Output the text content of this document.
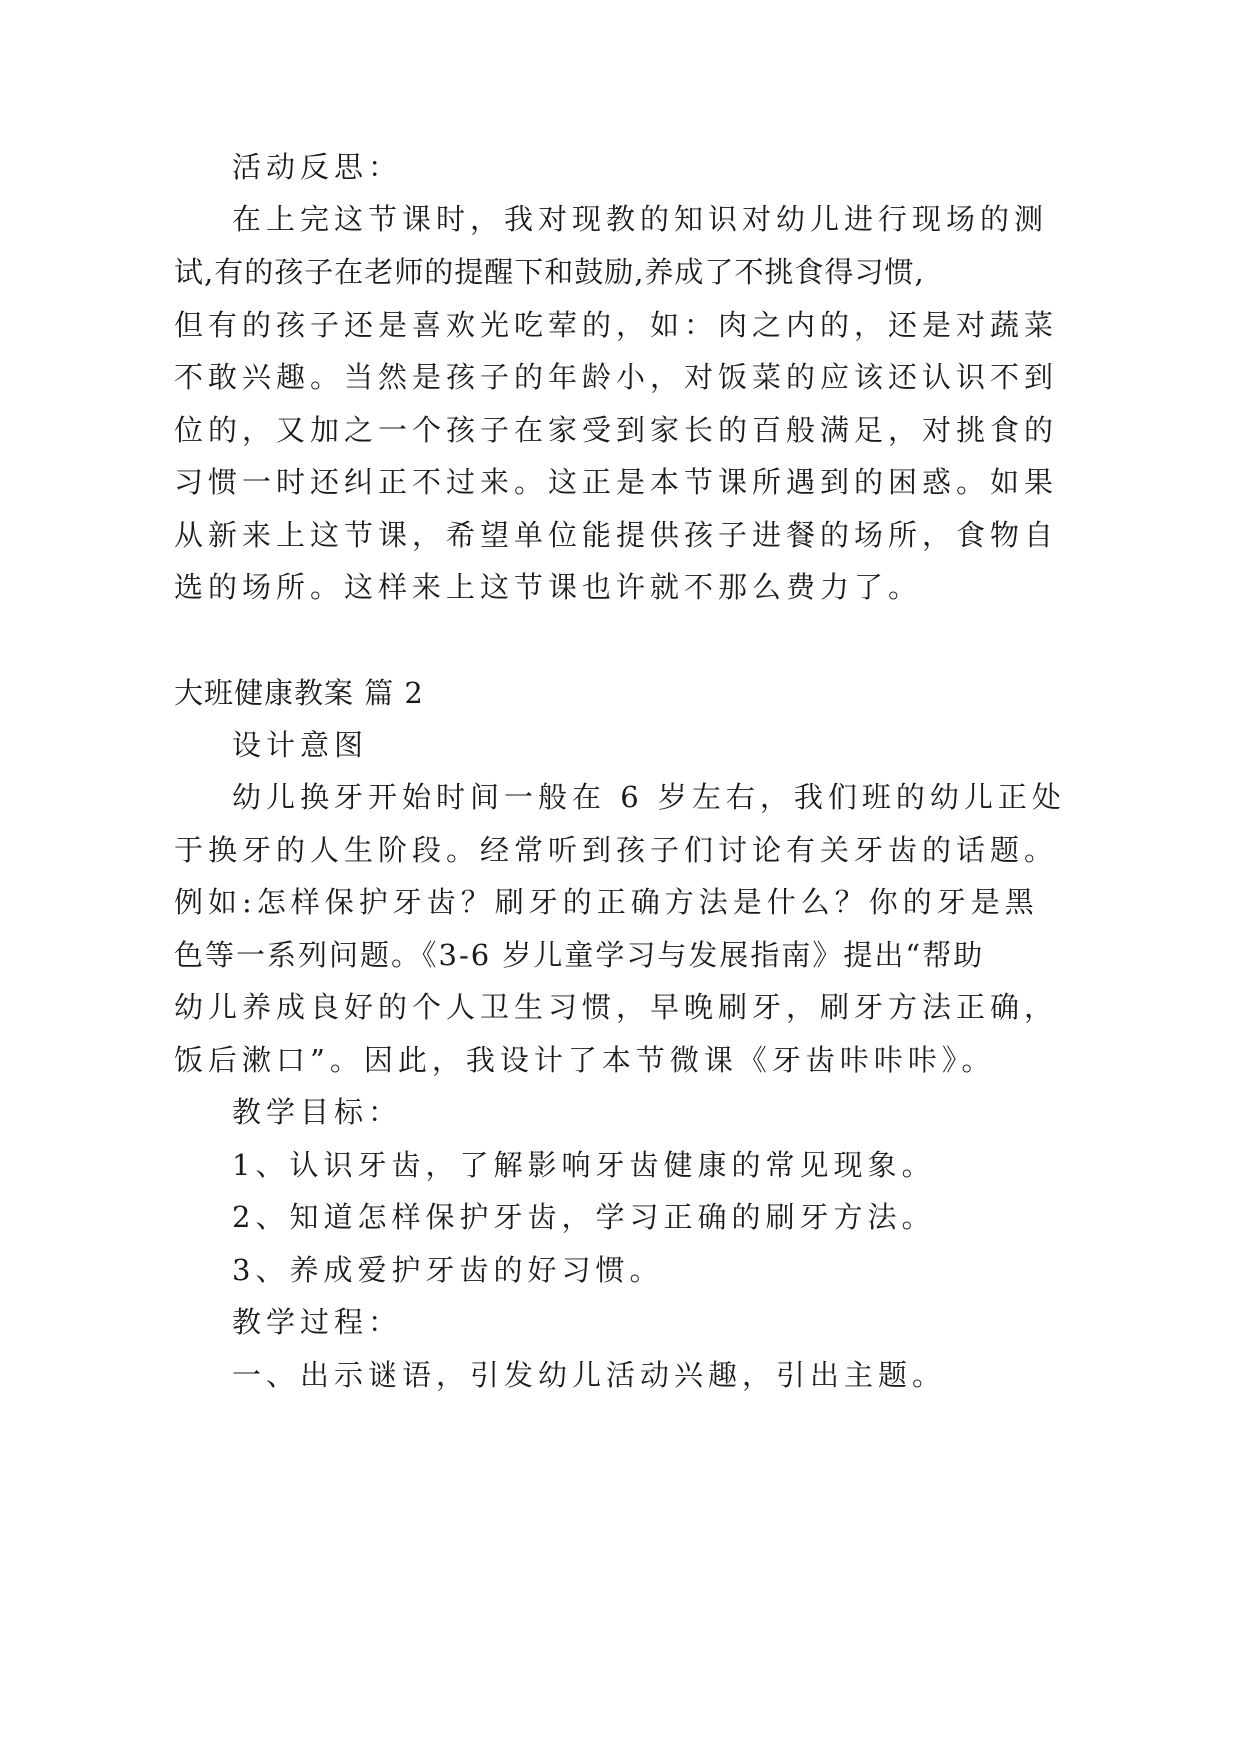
活动反思：
在上完这节课时，我对现教的知识对幼儿进行现场的测
试,有的孩子在老师的提醒下和鼓励,养成了不挑食得习惯,
但有的孩子还是喜欢光吃荤的，如：肉之内的，还是对蔬菜
不敢兴趣。当然是孩子的年龄小，对饭菜的应该还认识不到
位的，又加之一个孩子在家受到家长的百般满足，对挑食的
习惯一时还纠正不过来。这正是本节课所遇到的困惑。如果
从新来上这节课，希望单位能提供孩子进餐的场所，食物自
选的场所。这样来上这节课也许就不那么费力了。
大班健康教案 篇 2
设计意图
幼儿换牙开始时间一般在 6 岁左右，我们班的幼儿正处
于换牙的人生阶段。经常听到孩子们讨论有关牙齿的话题。
例如:怎样保护牙齿？刷牙的正确方法是什么？你的牙是黑
色等一系列问题。《3-6 岁儿童学习与发展指南》提出“帮助
幼儿养成良好的个人卫生习惯，早晚刷牙，刷牙方法正确，
饭后漱口”。因此，我设计了本节微课《牙齿咔咔咔》。
教学目标：
1、认识牙齿，了解影响牙齿健康的常见现象。
2、知道怎样保护牙齿，学习正确的刷牙方法。
3、养成爱护牙齿的好习惯。
教学过程：
一、出示谜语，引发幼儿活动兴趣，引出主题。
